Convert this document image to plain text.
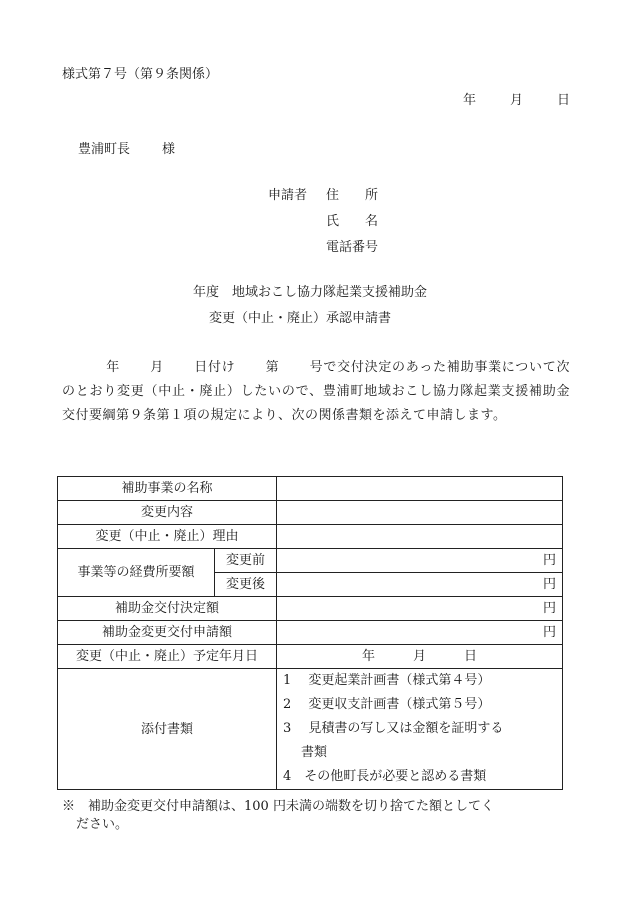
様式第７号（第９条関係）
年	月	日
豊浦町長 様
申請者 住　　所
氏　　名
電話番号
年度　地域おこし協力隊起業支援補助金
変更（中止・廃止）承認申請書
年 月 日付け 第 号で交付決定のあった補助事業について次のとおり変更（中止・廃止）したいので、豊浦町地域おこし協力隊起業支援補助金交付要綱第９条第１項の規定により、次の関係書類を添えて申請します。
補助事業の名称		
変更内容		
変更（中止・廃止）理由		
事業等の経費所要額	変更前	円
	変更後	円
補助金交付決定額		円
補助金変更交付申請額		円
変更（中止・廃止）予定年月日		年 月 日
添付書類		1　 変更起業計画書（様式第４号）
2　 変更収支計画書（様式第５号）
3 　見積書の写し又は金額を証明する
書類
4　その他町長が必要と認める書類
※　補助金変更交付申請額は、100 円未満の端数を切り捨てた額としてく
ださい。
